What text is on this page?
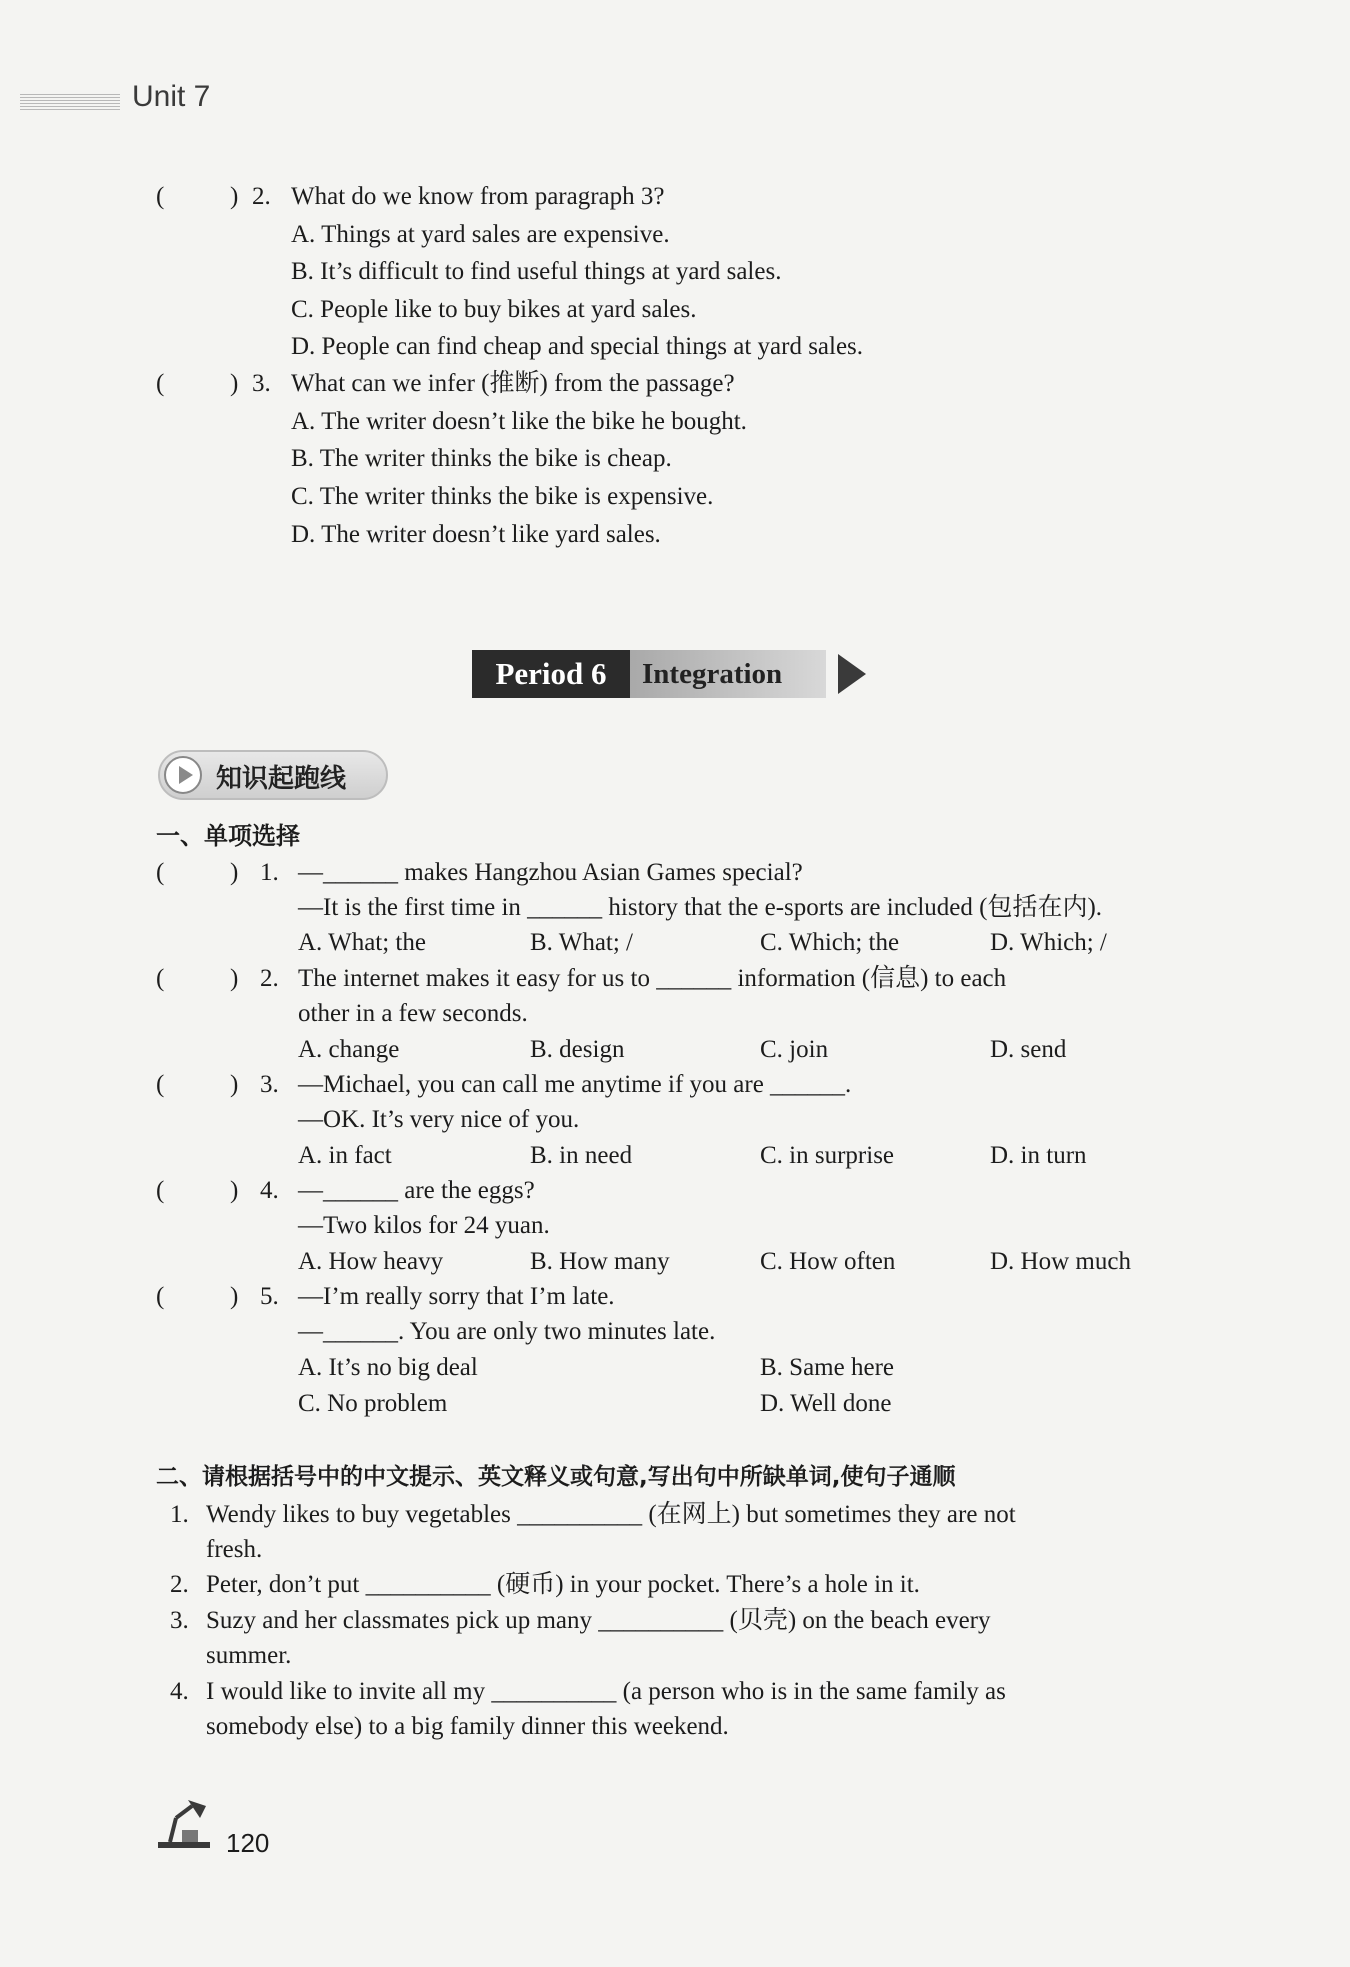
Unit 7
(	) 2. What do we know from paragraph 3?
A. Things at yard sales are expensive.
B. It’s difficult to find useful things at yard sales.
C. People like to buy bikes at yard sales.
D. People can find cheap and special things at yard sales.
(	) 3. What can we infer (推断) from the passage?
A. The writer doesn’t like the bike he bought.
B. The writer thinks the bike is cheap.
C. The writer thinks the bike is expensive.
D. The writer doesn’t like yard sales.
Period 6	Integration
知识起跑线
一、单项选择
(	) 1. —______ makes Hangzhou Asian Games special?
—It is the first time in ______ history that the e-sports are included (包括在内).
A. What; the	B. What; /	C. Which; the	D. Which; /
(	) 2. The internet makes it easy for us to ______ information (信息) to each
other in a few seconds.
A. change	B. design	C. join	D. send
(	) 3. —Michael, you can call me anytime if you are ______.
—OK. It’s very nice of you.
A. in fact	B. in need	C. in surprise	D. in turn
(	) 4. —______ are the eggs?
—Two kilos for 24 yuan.
A. How heavy	B. How many	C. How often	D. How much
(	) 5. —I’m really sorry that I’m late.
—______. You are only two minutes late.
A. It’s no big deal	B. Same here
C. No problem	D. Well done
二、请根据括号中的中文提示、英文释义或句意,写出句中所缺单词,使句子通顺
1. Wendy likes to buy vegetables __________ (在网上) but sometimes they are not
fresh.
2. Peter, don’t put __________ (硬币) in your pocket. There’s a hole in it.
3. Suzy and her classmates pick up many __________ (贝壳) on the beach every
summer.
4. I would like to invite all my __________ (a person who is in the same family as
somebody else) to a big family dinner this weekend.
120
